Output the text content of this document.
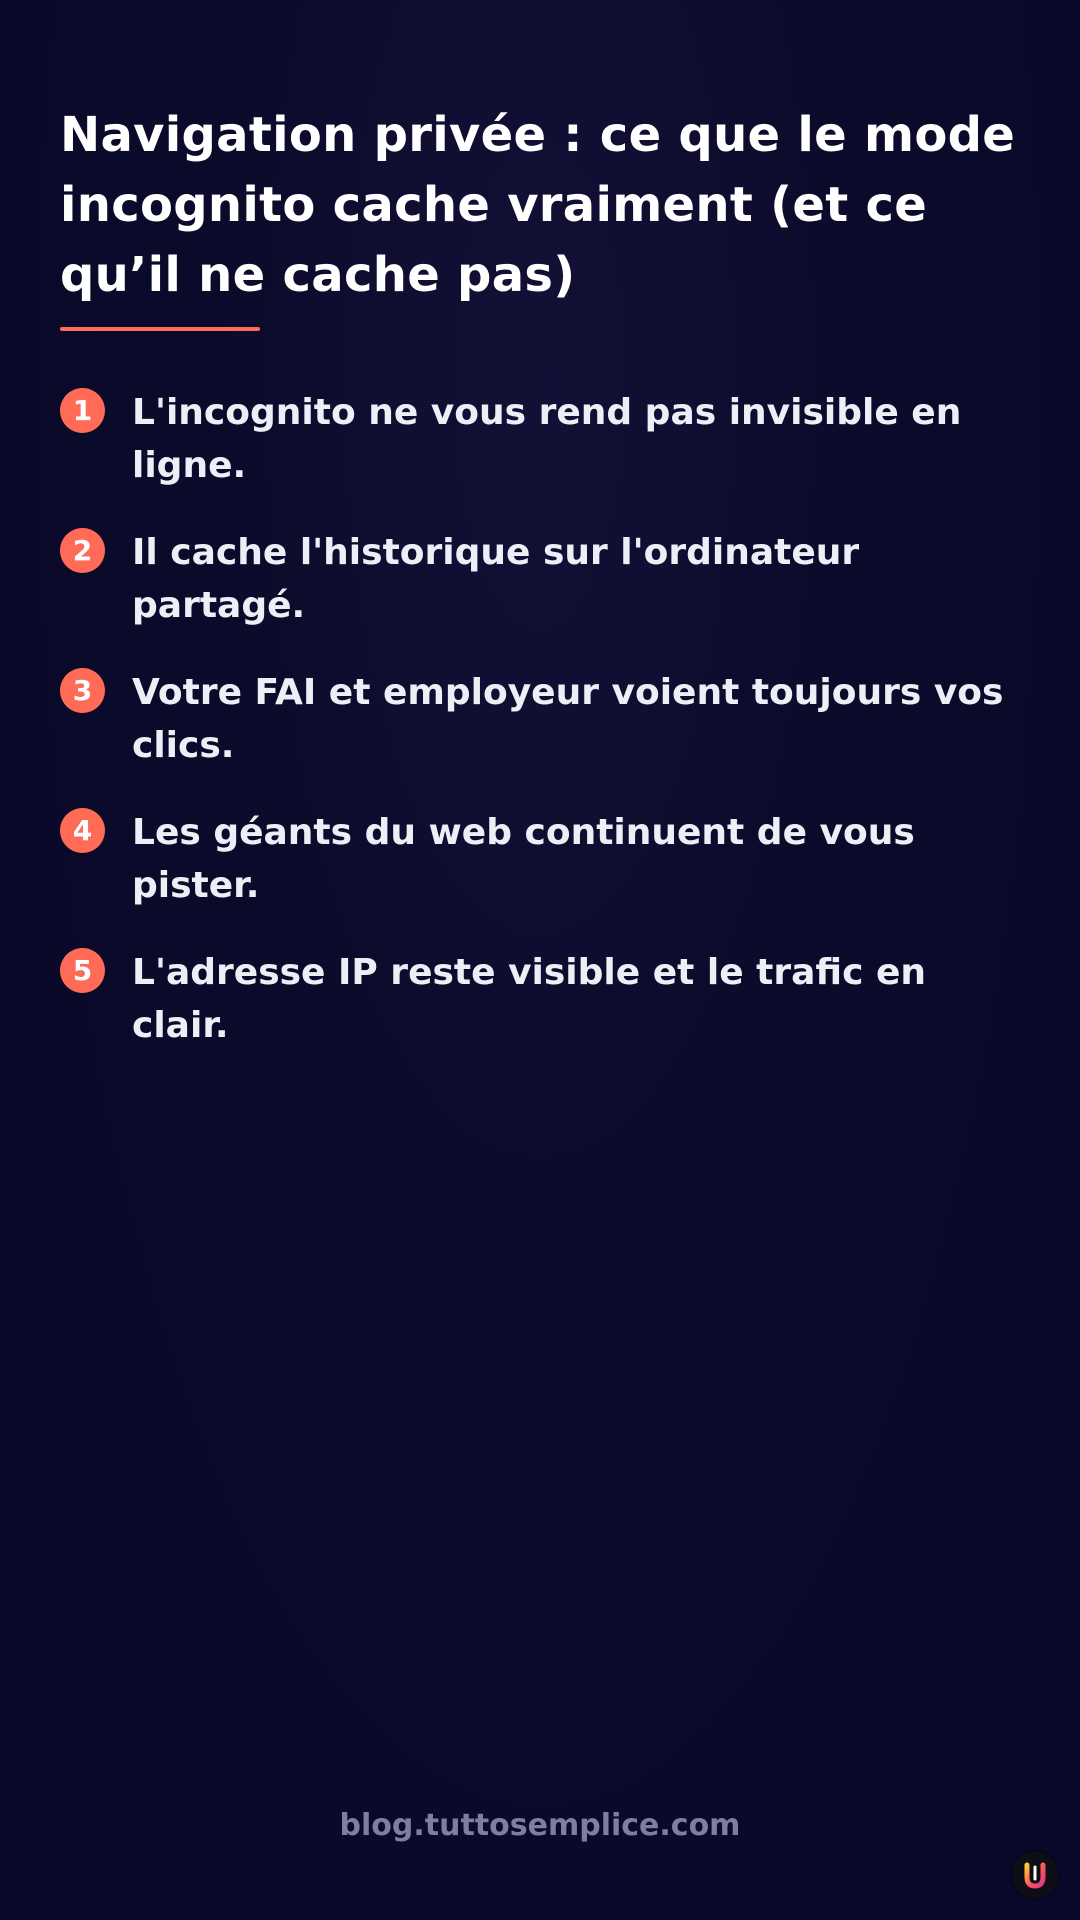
Navigation privée : ce que le mode incognito cache vraiment (et ce qu’il ne cache pas)
1	L'incognito ne vous rend pas invisible en ligne.
2	Il cache l'historique sur l'ordinateur partagé.
3	Votre FAI et employeur voient toujours vos clics.
4	Les géants du web continuent de vous pister.
5	L'adresse IP reste visible et le trafic en clair.
blog.tuttosemplice.com
